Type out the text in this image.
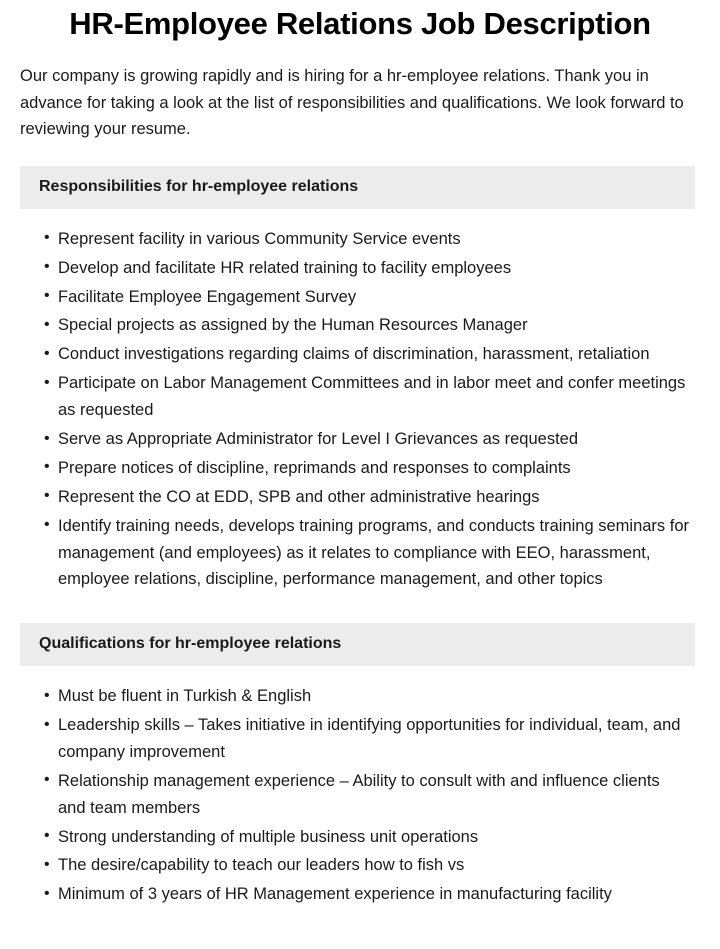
HR-Employee Relations Job Description

Our company is growing rapidly and is hiring for a hr-employee relations. Thank you in advance for taking a look at the list of responsibilities and qualifications. We look forward to reviewing your resume.

Responsibilities for hr-employee relations
• Represent facility in various Community Service events
• Develop and facilitate HR related training to facility employees
• Facilitate Employee Engagement Survey
• Special projects as assigned by the Human Resources Manager
• Conduct investigations regarding claims of discrimination, harassment, retaliation
• Participate on Labor Management Committees and in labor meet and confer meetings as requested
• Serve as Appropriate Administrator for Level I Grievances as requested
• Prepare notices of discipline, reprimands and responses to complaints
• Represent the CO at EDD, SPB and other administrative hearings
• Identify training needs, develops training programs, and conducts training seminars for management (and employees) as it relates to compliance with EEO, harassment, employee relations, discipline, performance management, and other topics
Qualifications for hr-employee relations
• Must be fluent in Turkish & English
• Leadership skills – Takes initiative in identifying opportunities for individual, team, and company improvement
• Relationship management experience – Ability to consult with and influence clients and team members
• Strong understanding of multiple business unit operations
• The desire/capability to teach our leaders how to fish vs
• Minimum of 3 years of HR Management experience in manufacturing facility
